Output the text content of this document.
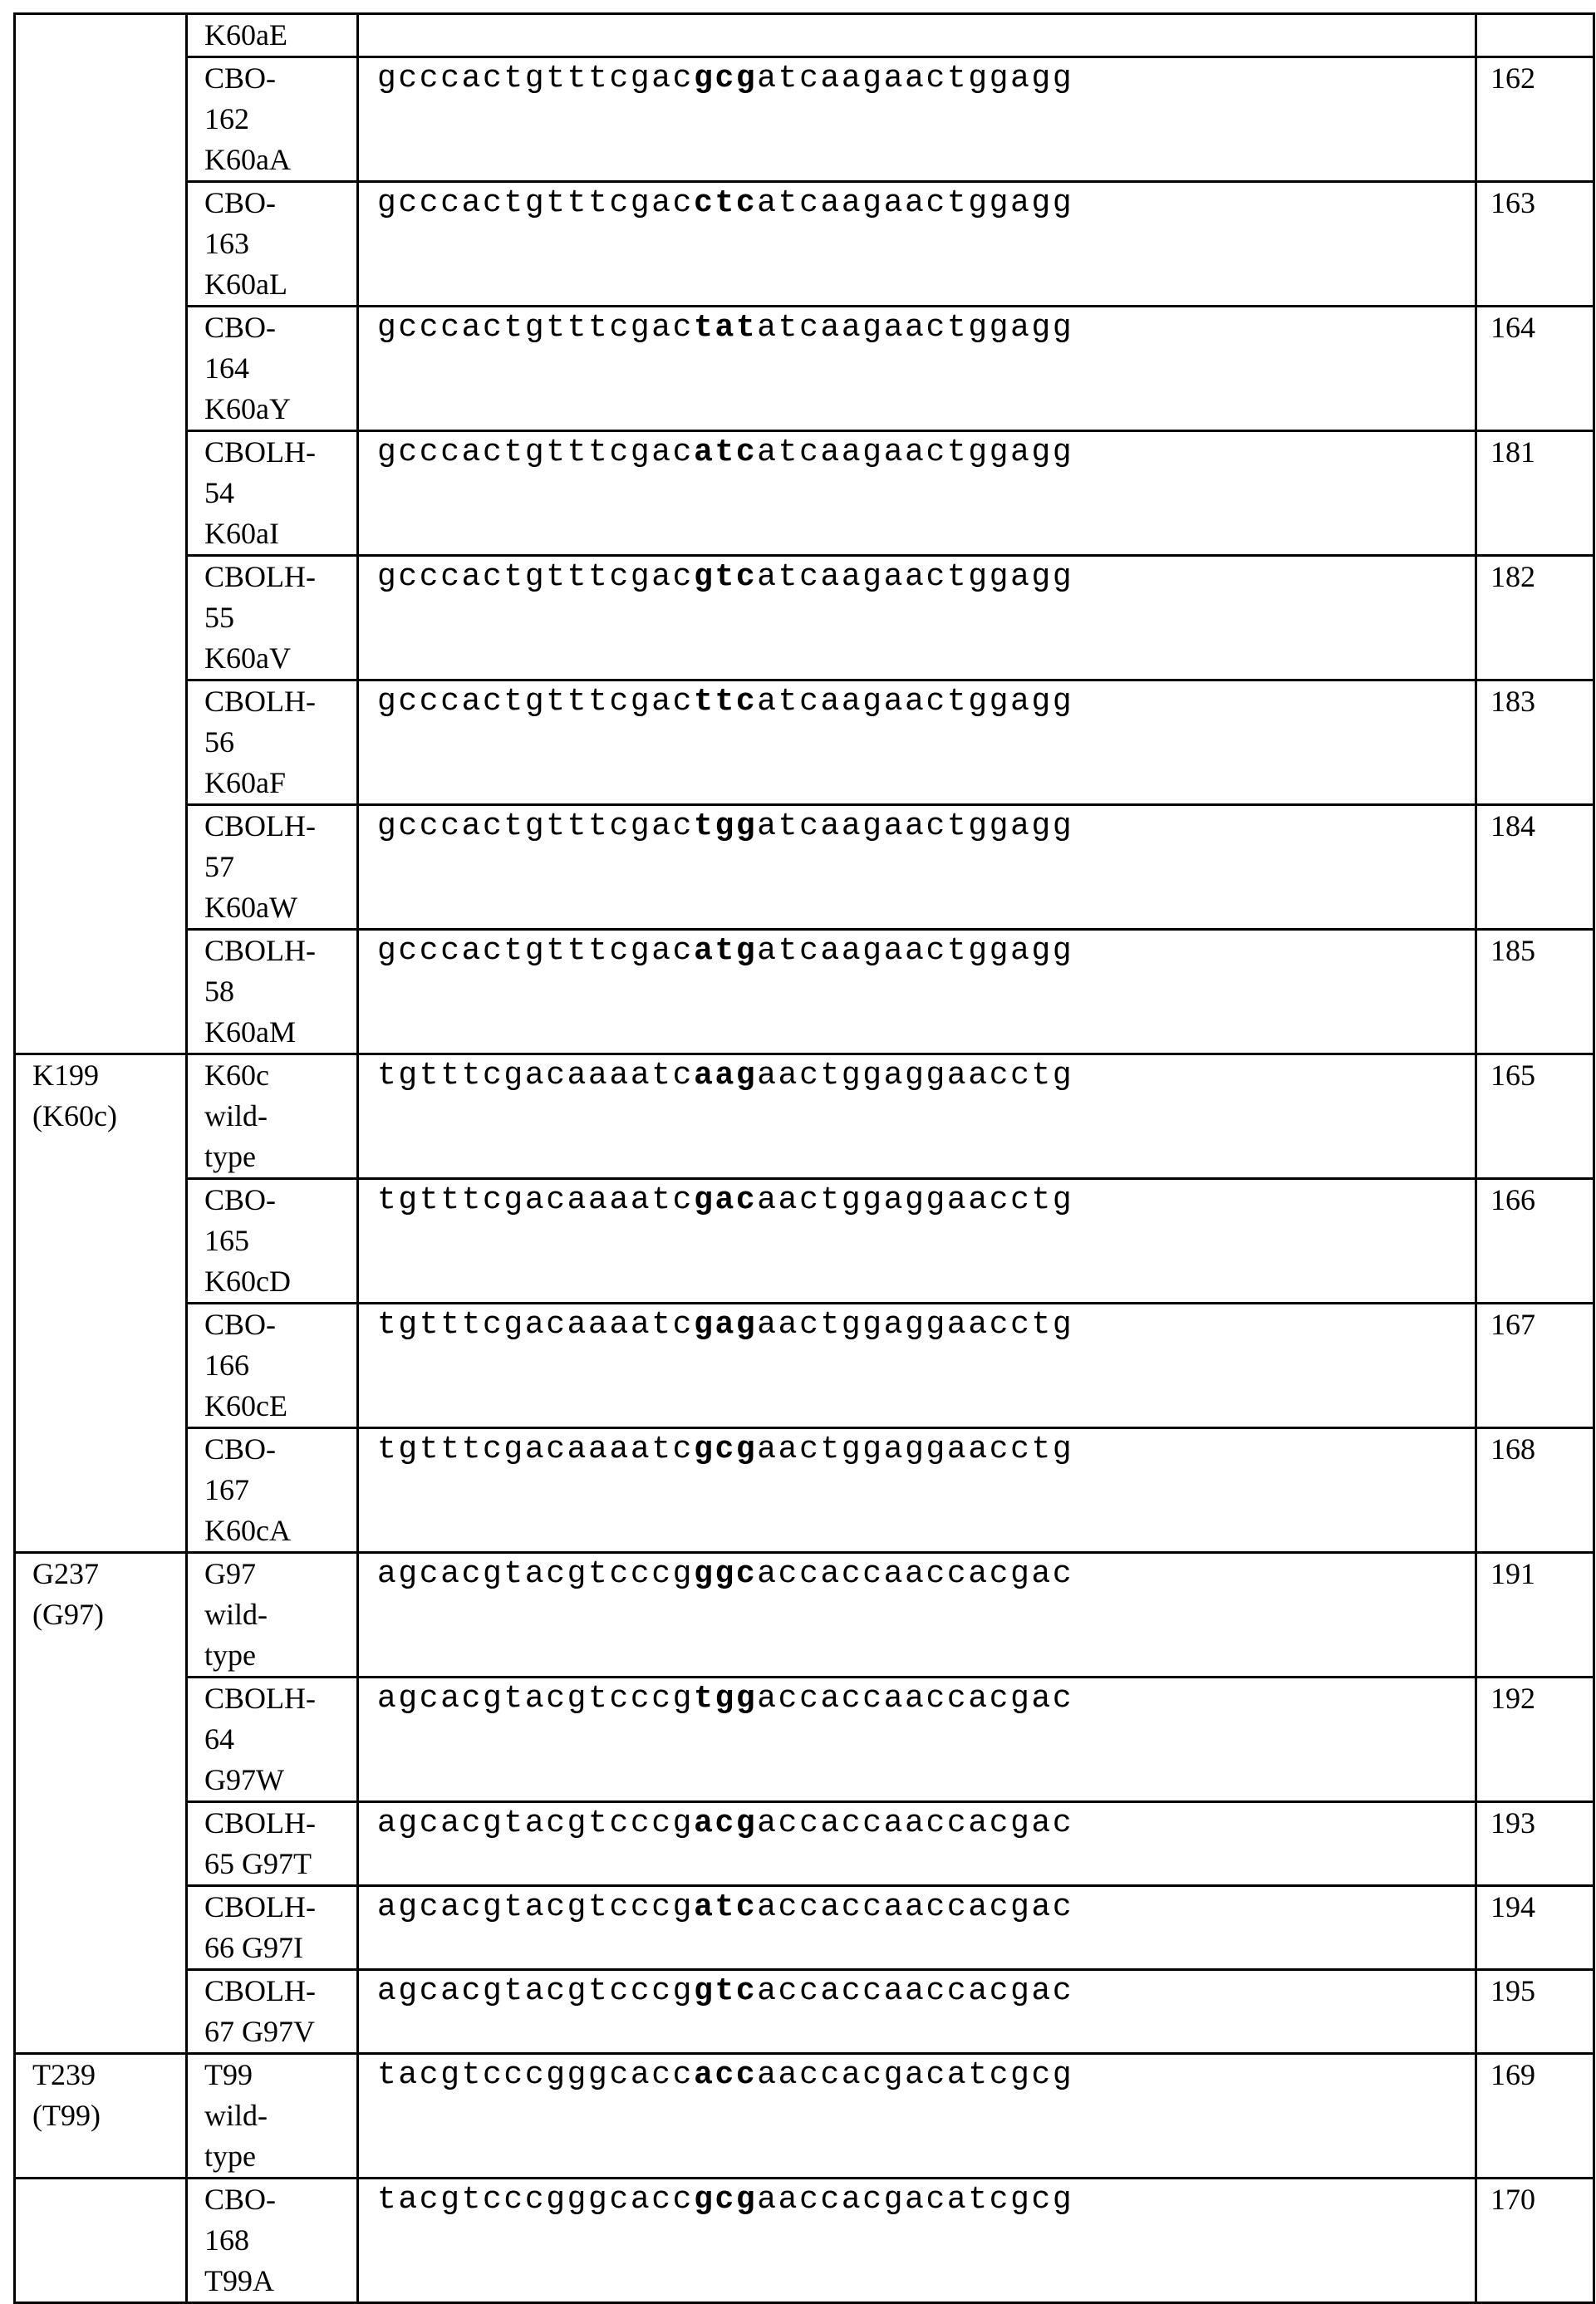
K60aE

CBO-
162
K60aA
	gcccactgtttcgacgcgatcaagaactggagg	162

CBO-
163
K60aL
	gcccactgtttcgacctcatcaagaactggagg	163

CBO-
164
K60aY
	gcccactgtttcgactatatcaagaactggagg	164

CBOLH-
54
K60aI
	gcccactgtttcgacatcatcaagaactggagg	181

CBOLH-
55
K60aV
	gcccactgtttcgacgtcatcaagaactggagg	182

CBOLH-
56
K60aF
	gcccactgtttcgacttcatcaagaactggagg	183

CBOLH-
57
K60aW
	gcccactgtttcgactggatcaagaactggagg	184

CBOLH-
58
K60aM
	gcccactgtttcgacatgatcaagaactggagg	185

K199
(K60c)

K60c
wild-
type
	tgtttcgacaaaatcaagaactggaggaacctg	165

CBO-
165
K60cD
	tgtttcgacaaaatcgacaactggaggaacctg	166

CBO-
166
K60cE
	tgtttcgacaaaatcgagaactggaggaacctg	167

CBO-
167
K60cA
	tgtttcgacaaaatcgcgaactggaggaacctg	168

G237
(G97)

G97
wild-
type
	agcacgtacgtcccgggcaccaccaaccacgac	191

CBOLH-
64
G97W
	agcacgtacgtcccgtggaccaccaaccacgac	192

CBOLH-
65 G97T
	agcacgtacgtcccgacgaccaccaaccacgac	193

CBOLH-
66 G97I
	agcacgtacgtcccgatcaccaccaaccacgac	194

CBOLH-
67 G97V
	agcacgtacgtcccggtcaccaccaaccacgac	195

T239
(T99)

T99
wild-
type
	tacgtcccgggcaccaccaaccacgacatcgcg	169

CBO-
168
T99A
	tacgtcccgggcaccgcgaaccacgacatcgcg	170
